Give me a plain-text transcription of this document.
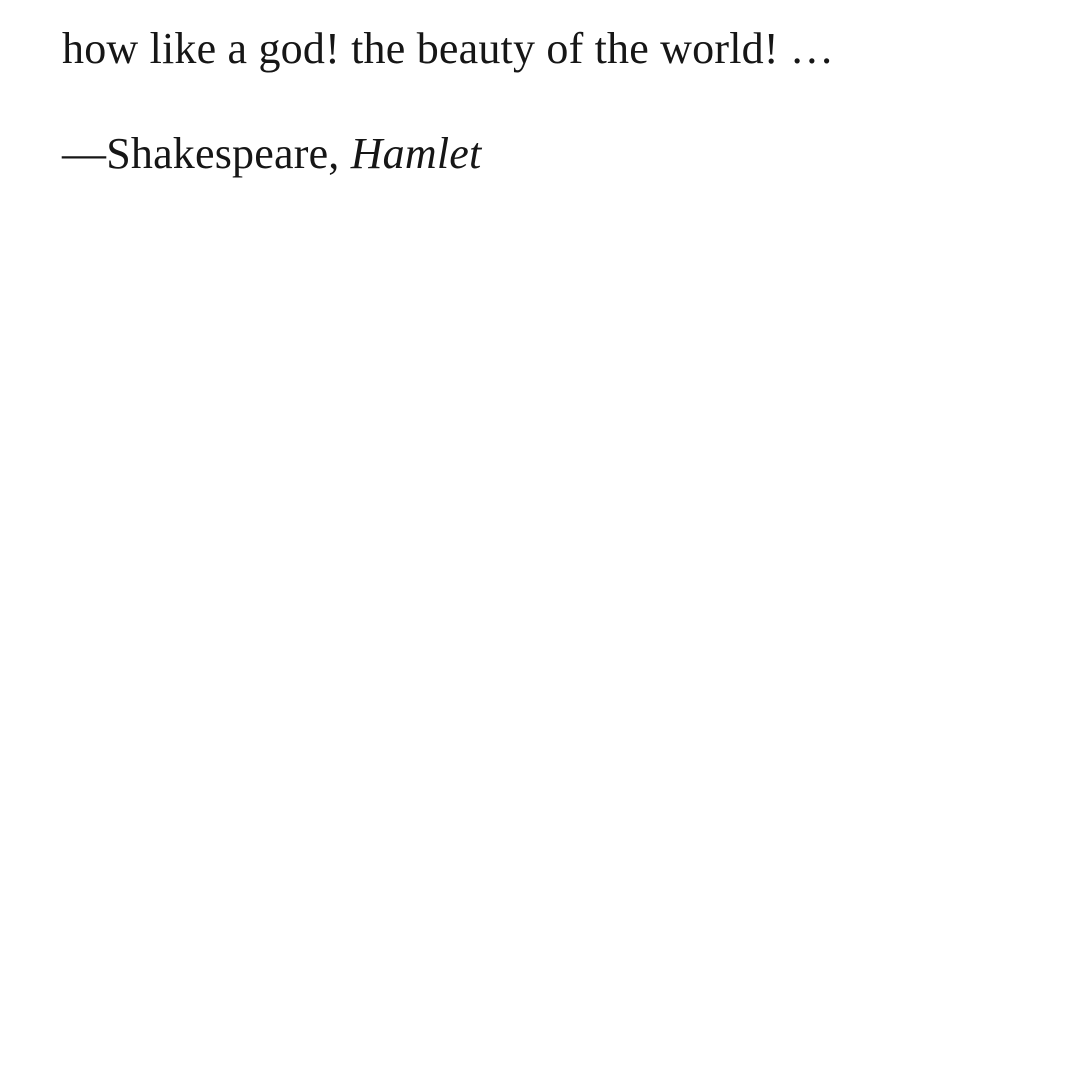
how like a god! the beauty of the world! …

—Shakespeare, Hamlet
